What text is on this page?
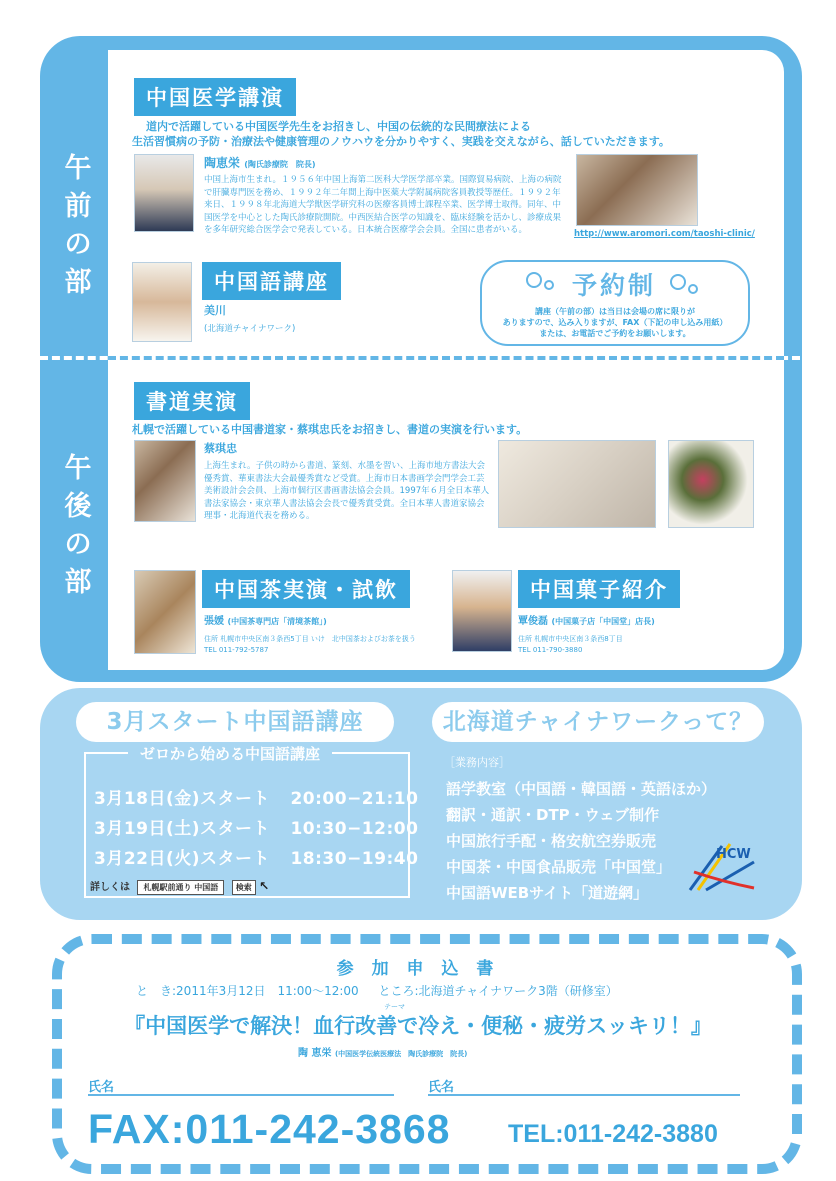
午前の部
午後の部
中国医学講演
道内で活躍している中国医学先生をお招きし、中国の伝統的な民間療法による
生活習慣病の予防・治療法や健康管理のノウハウを分かりやすく、実践を交えながら、話していただきます。
陶恵栄 (陶氏診療院　院長)
中国上海市生まれ。１９５６年中国上海第二医科大学医学部卒業。国際貿易病院、上海の病院で肝臓専門医を務め、１９９２年二年間上海中医薬大学附属病院客員教授等歴任。１９９２年来日、１９９８年北海道大学獣医学研究科の医療客員博士課程卒業、医学博士取得。同年、中国医学を中心とした陶氏診療院開院。中西医結合医学の知識を、臨床経験を活かし、診療成果を多年研究総合医学会で発表している。日本統合医療学会会員。全国に患者がいる。	http://www.aromori.com/taoshi-clinic/
中国語講座
美川
(北海道チャイナワーク)
予約制
講座（午前の部）は当日は会場の席に限りが
ありますので、込み入りますが、FAX（下記の申し込み用紙）
または、お電話でご予約をお願いします。
書道実演
札幌で活躍している中国書道家・蔡琪忠氏をお招きし、書道の実演を行います。
蔡琪忠
上海生まれ。子供の時から書道、篆刻、水墨を習い、上海市地方書法大会優秀賞、華東書法大会最優秀賞など受賞。上海市日本書画学会門学会工芸美術設計会会員、上海市個行区書画書法協会会員。1997年６月全日本華人書法家協会・東京華人書法協会会長で優秀賞受賞。全日本華人書道家協会理事・北海道代表を務める。
中国茶実演・試飲
張媛 (中国茶専門店「清境茶館」)
住所 札幌市中央区南３条西5丁目 いけ　北中国茶およびお茶を扱う
TEL 011-792-5787
中国菓子紹介
覃俊磊 (中国菓子店「中国堂」店長)
住所 札幌市中央区南３条西8丁目
TEL 011-790-3880
3月スタート中国語講座	北海道チャイナワークって？
ゼロから始める中国語講座
3月18日(金)スタート 20:00−21:10
3月19日(土)スタート 10:30−12:00
3月22日(火)スタート 18:30−19:40
詳しくは 札幌駅前通り 中国語 検索 ↖
［業務内容］
語学教室（中国語・韓国語・英語ほか）
翻訳・通訳・DTP・ウェブ制作
中国旅行手配・格安航空券販売
中国茶・中国食品販売「中国堂」
中国語WEBサイト「道遊網」
HCW
参 加 申 込 書
と　き:2011年3月12日　11:00〜12:00 ところ:北海道チャイナワーク3階（研修室）
テーマ
『中国医学で解決！血行改善で冷え・便秘・疲労スッキリ！』
陶 恵栄 (中国医学伝統医療法　陶氏診療院　院長)
氏名	氏名
FAX:011-242-3868 TEL:011-242-3880
